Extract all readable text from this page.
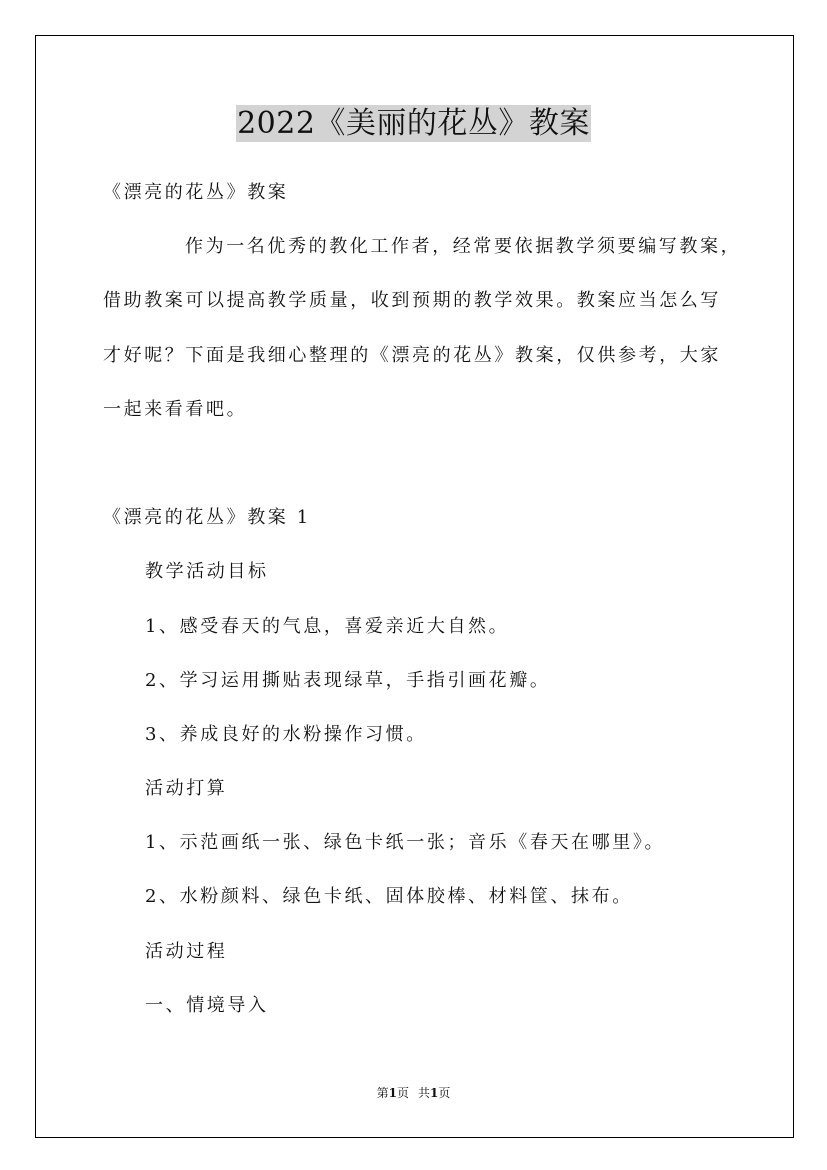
2022《美丽的花丛》教案
《漂亮的花丛》教案
作为一名优秀的教化工作者，经常要依据教学须要编写教案，
借助教案可以提高教学质量，收到预期的教学效果。教案应当怎么写
才好呢？下面是我细心整理的《漂亮的花丛》教案，仅供参考，大家
一起来看看吧。
《漂亮的花丛》教案 1
教学活动目标
1、感受春天的气息，喜爱亲近大自然。
2、学习运用撕贴表现绿草，手指引画花瓣。
3、养成良好的水粉操作习惯。
活动打算
1、示范画纸一张、绿色卡纸一张；音乐《春天在哪里》。
2、水粉颜料、绿色卡纸、固体胶棒、材料筐、抹布。
活动过程
一、情境导入
第1页 共1页
